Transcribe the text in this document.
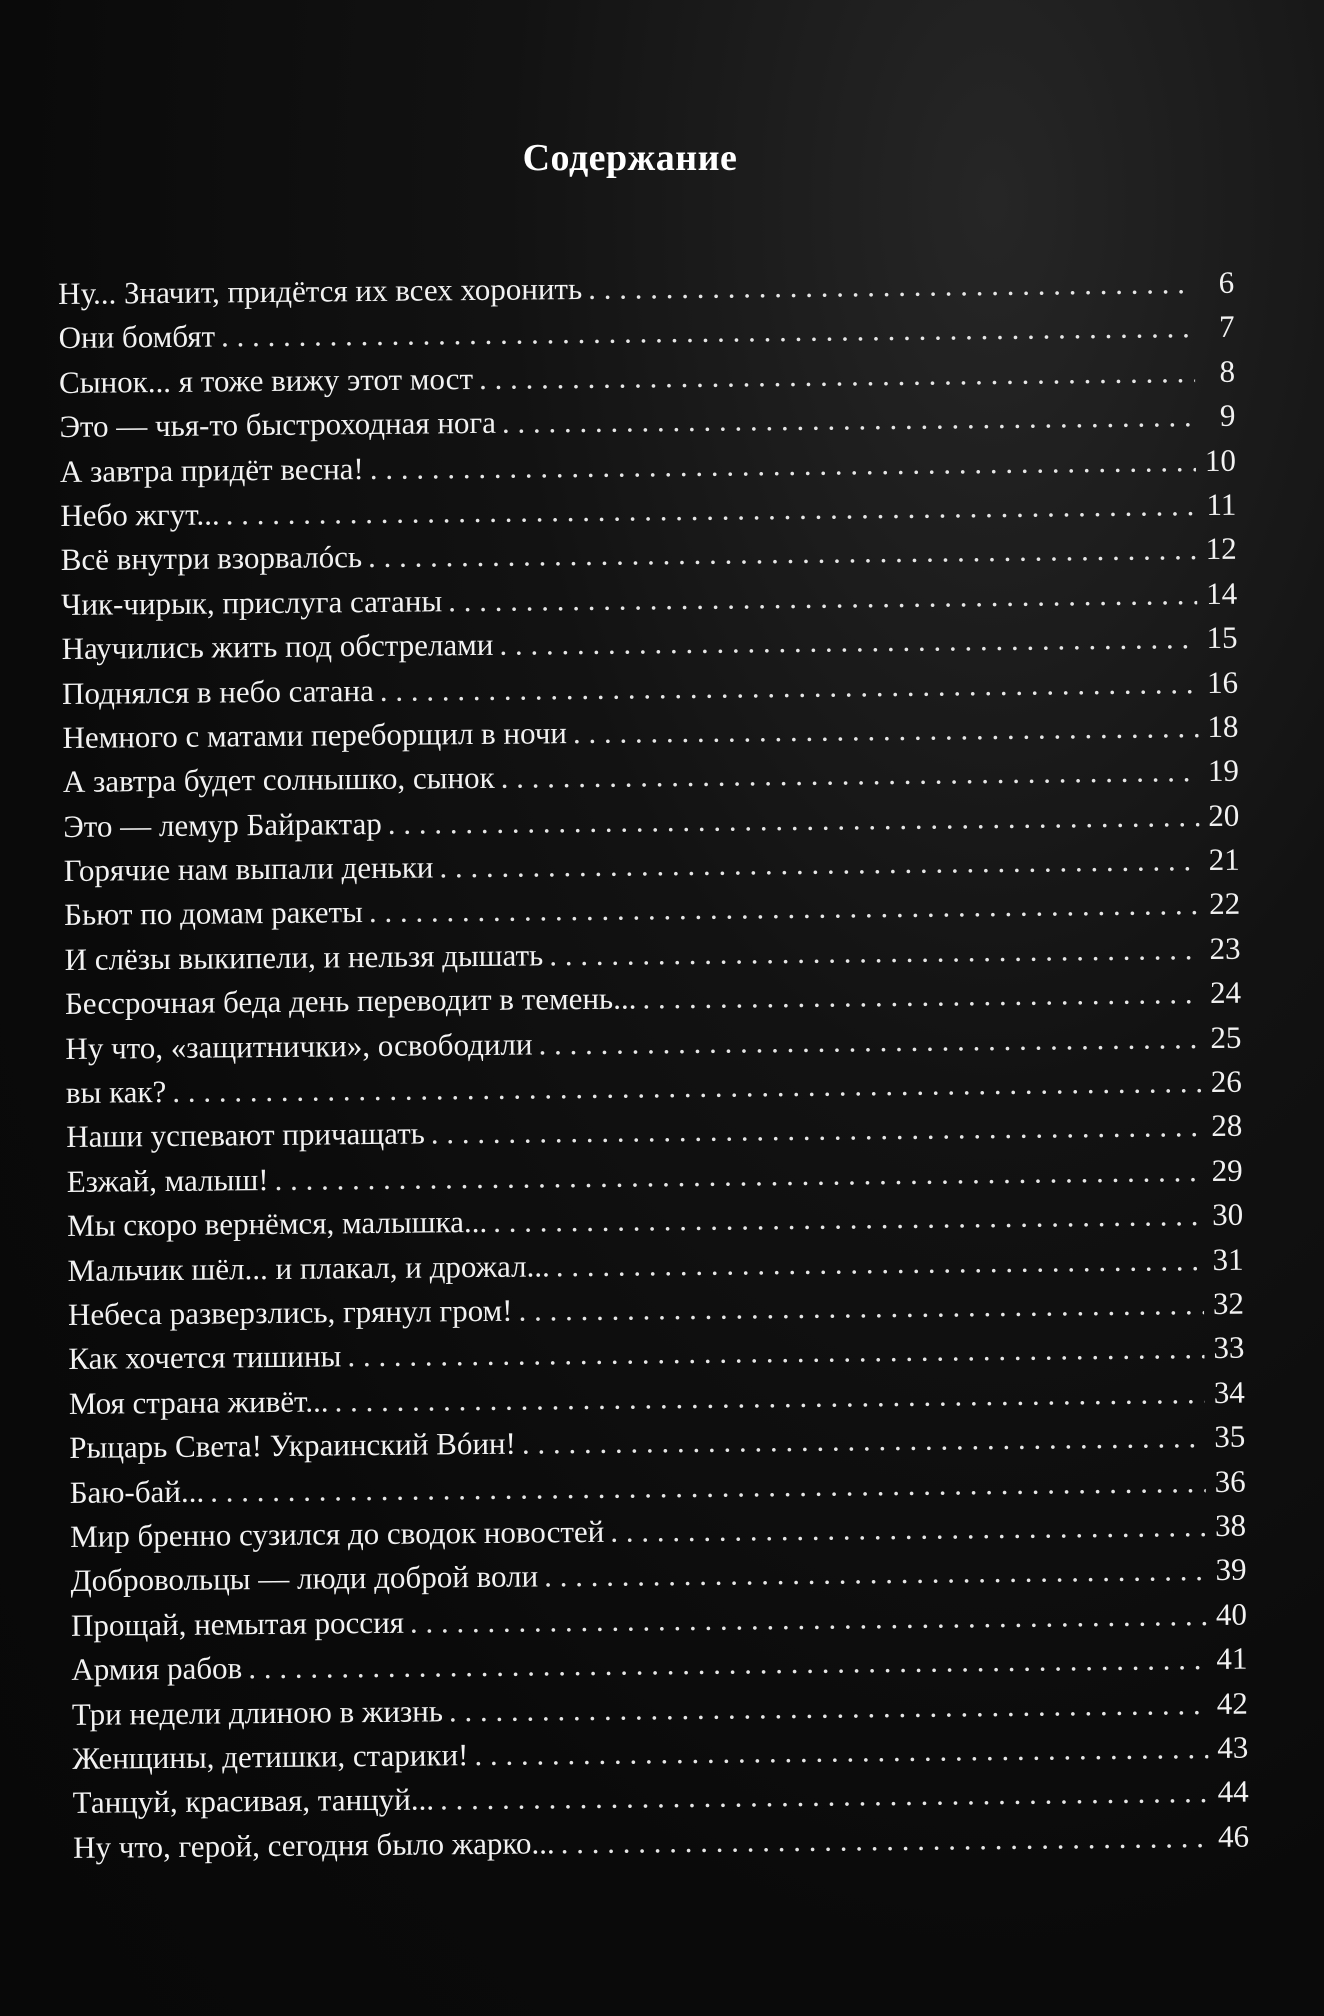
Содержание
Ну... Значит, придётся их всех хоронить . . .	6
Они бомбят . . .	7
Сынок... я тоже вижу этот мост . . .	8
Это — чья-то быстроходная нога . . .	9
А завтра придёт весна! . . .	10
Небо жгут... . . .	11
Всё внутри взорвалóсь . . .	12
Чик-чирык, прислуга сатаны . . .	14
Научились жить под обстрелами . . .	15
Поднялся в небо сатана . . .	16
Немного с матами переборщил в ночи . . .	18
А завтра будет солнышко, сынок . . .	19
Это — лемур Байрактар . . .	20
Горячие нам выпали деньки . . .	21
Бьют по домам ракеты . . .	22
И слёзы выкипели, и нельзя дышать . . .	23
Бессрочная беда день переводит в темень... . . .	24
Ну что, «защитнички», освободили . . .	25
вы как? . . .	26
Наши успевают причащать . . .	28
Езжай, малыш! . . .	29
Мы скоро вернёмся, малышка... . . .	30
Мальчик шёл... и плакал, и дрожал... . . .	31
Небеса разверзлись, грянул гром! . . .	32
Как хочется тишины . . .	33
Моя страна живёт... . . .	34
Рыцарь Света! Украинский Вóин! . . .	35
Баю-бай... . . .	36
Мир бренно сузился до сводок новостей . . .	38
Добровольцы — люди доброй воли . . .	39
Прощай, немытая poссия . . .	40
Армия рабов . . .	41
Три недели длиною в жизнь . . .	42
Женщины, детишки, старики! . . .	43
Танцуй, красивая, танцуй... . . .	44
Ну что, герой, сегодня было жарко... . . .	46
